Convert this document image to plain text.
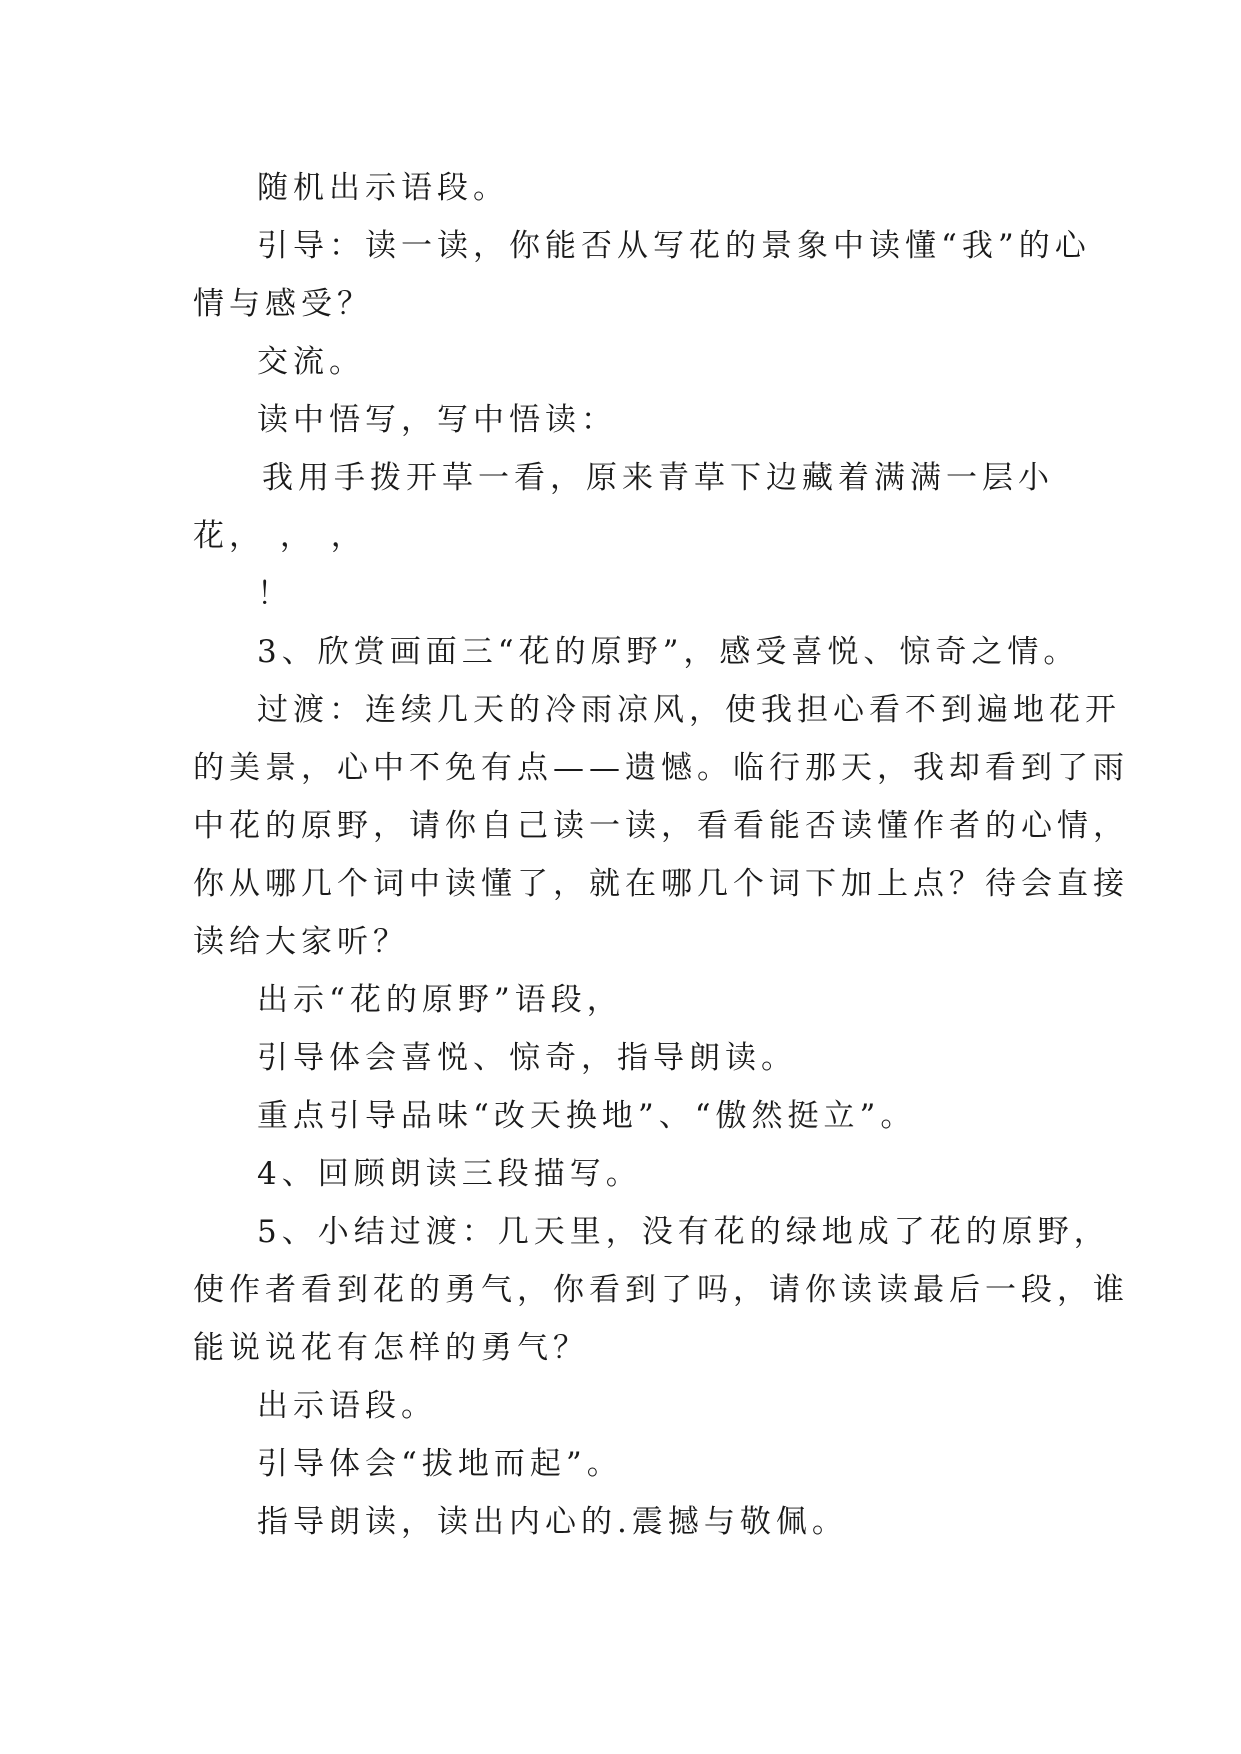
随机出示语段。
引导：读一读，你能否从写花的景象中读懂“我”的心
情与感受？
交流。
读中悟写，写中悟读：
我用手拨开草一看，原来青草下边藏着满满一层小
花， ， ，
！
3、欣赏画面三“花的原野”，感受喜悦、惊奇之情。
过渡：连续几天的冷雨凉风，使我担心看不到遍地花开
的美景，心中不免有点——遗憾。临行那天，我却看到了雨
中花的原野，请你自己读一读，看看能否读懂作者的心情，
你从哪几个词中读懂了，就在哪几个词下加上点？待会直接
读给大家听？
出示“花的原野”语段，
引导体会喜悦、惊奇，指导朗读。
重点引导品味“改天换地”、“傲然挺立”。
4、回顾朗读三段描写。
5、小结过渡：几天里，没有花的绿地成了花的原野，
使作者看到花的勇气，你看到了吗，请你读读最后一段，谁
能说说花有怎样的勇气？
出示语段。
引导体会“拔地而起”。
指导朗读，读出内心的.震撼与敬佩。
